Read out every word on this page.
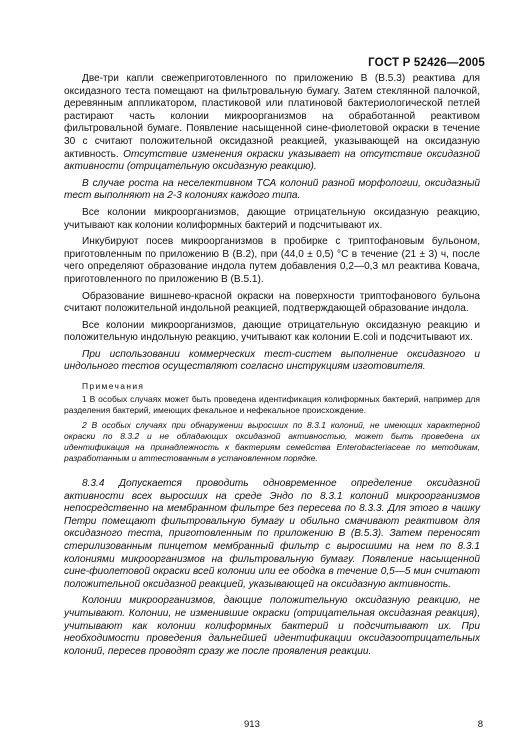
ГОСТ Р 52426—2005

Две-три капли свежеприготовленного по приложению В (В.5.3) реактива для оксидазного теста помещают на фильтровальную бумагу. Затем стеклянной палочкой, деревянным аппликатором, пластиковой или платиновой бактериологической петлей растирают часть колонии микроорганизмов на обработанной реактивом фильтровальной бумаге. Появление насыщенной сине-фиолетовой окраски в течение 30 с считают положительной оксидазной реакцией, указывающей на оксидазную активность. Отсутствие изменения окраски указывает на отсутствие оксидазной активности (отрицательную оксидазную реакцию).

В случае роста на неселективном ТСА колоний разной морфологии, оксидазный тест выполняют на 2-3 колониях каждого типа.

Все колонии микроорганизмов, дающие отрицательную оксидазную реакцию, учитывают как колонии колиформных бактерий и подсчитывают их.

Инкубируют посев микроорганизмов в пробирке с триптофановым бульоном, приготовленным по приложению В (В.2), при (44,0 ± 0,5) °С в течение (21 ± 3) ч, после чего определяют образование индола путем добавления 0,2—0,3 мл реактива Ковача, приготовленного по приложению В (В.5.1).

Образование вишнево-красной окраски на поверхности триптофанового бульона считают положительной индольной реакцией, подтверждающей образование индола.

Все колонии микроорганизмов, дающие отрицательную оксидазную реакцию и положительную индольную реакцию, учитывают как колонии E.coli и подсчитывают их.

При использовании коммерческих тест-систем выполнение оксидазного и индольного тестов осуществляют согласно инструкциям изготовителя.

Примечания

1 В особых случаях может быть проведена идентификация колиформных бактерий, например для разделения бактерий, имеющих фекальное и нефекальное происхождение.

2 В особых случаях при обнаружении выросших по 8.3.1 колоний, не имеющих характерной окраски по 8.3.2 и не обладающих оксидазной активностью, может быть проведена их идентификация на принадлежность к бактериям семейства Enterobacteriaceae по методикам, разработанным и аттестованным в установленном порядке.

8.3.4 Допускается проводить одновременное определение оксидазной активности всех выросших на среде Эндо по 8.3.1 колоний микроорганизмов непосредственно на мембранном фильтре без пересева по 8.3.3. Для этого в чашку Петри помещают фильтровальную бумагу и обильно смачивают реактивом для оксидазного теста, приготовленным по приложению В (В.5.3). Затем переносят стерилизованным пинцетом мембранный фильтр с выросшими на нем по 8.3.1 колониями микроорганизмов на фильтровальную бумагу. Появление насыщенной сине-фиолетовой окраски всей колонии или ее ободка в течение 0,5—5 мин считают положительной оксидазной реакцией, указывающей на оксидазную активность.

Колонии микроорганизмов, дающие положительную оксидазную реакцию, не учитывают. Колонии, не изменившие окраски (отрицательная оксидазная реакция), учитывают как колонии колиформных бактерий и подсчитывают их. При необходимости проведения дальнейшей идентификации оксидазоотрицательных колоний, пересев проводят сразу же после проявления реакции.

913	8
